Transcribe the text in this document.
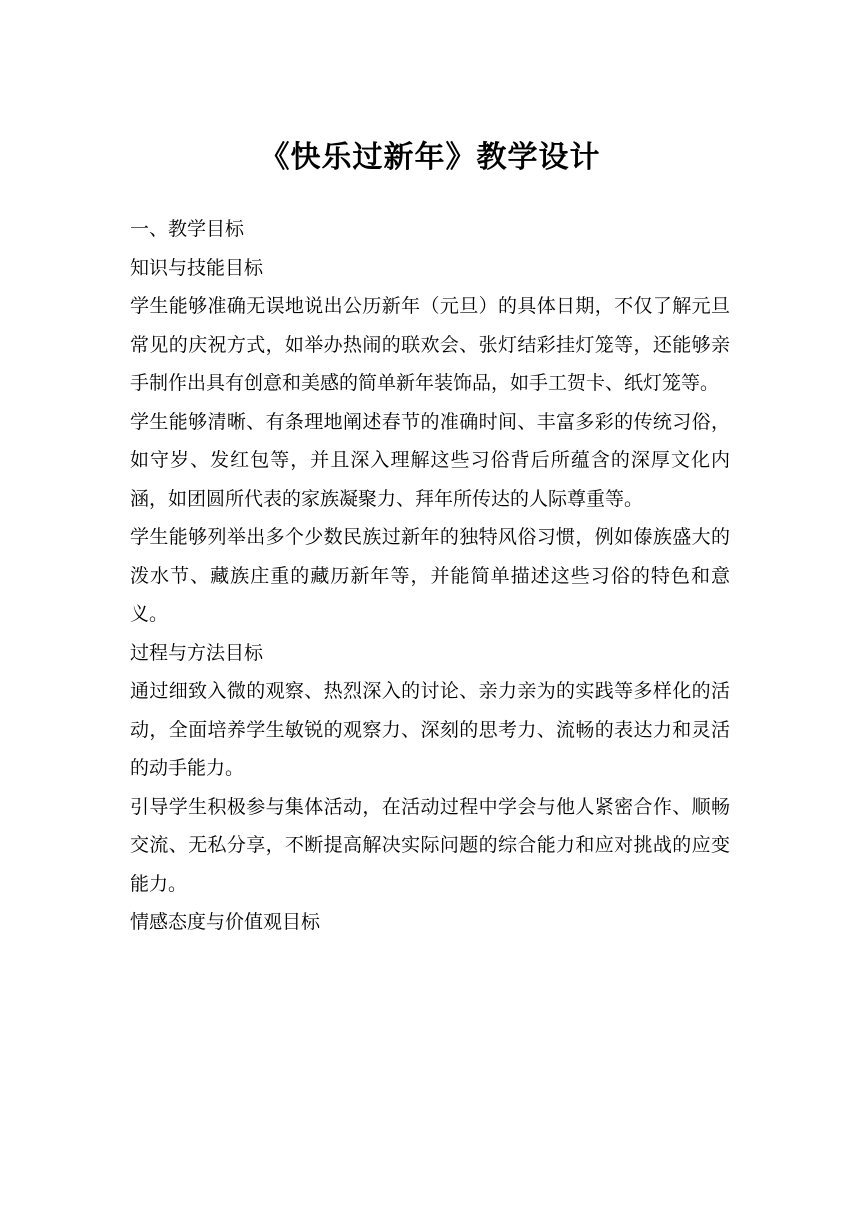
《快乐过新年》教学设计

一、教学目标

知识与技能目标

学生能够准确无误地说出公历新年（元旦）的具体日期，不仅了解元旦常见的庆祝方式，如举办热闹的联欢会、张灯结彩挂灯笼等，还能够亲手制作出具有创意和美感的简单新年装饰品，如手工贺卡、纸灯笼等。

学生能够清晰、有条理地阐述春节的准确时间、丰富多彩的传统习俗，如守岁、发红包等，并且深入理解这些习俗背后所蕴含的深厚文化内涵，如团圆所代表的家族凝聚力、拜年所传达的人际尊重等。

学生能够列举出多个少数民族过新年的独特风俗习惯，例如傣族盛大的泼水节、藏族庄重的藏历新年等，并能简单描述这些习俗的特色和意义。

过程与方法目标

通过细致入微的观察、热烈深入的讨论、亲力亲为的实践等多样化的活动，全面培养学生敏锐的观察力、深刻的思考力、流畅的表达力和灵活的动手能力。

引导学生积极参与集体活动，在活动过程中学会与他人紧密合作、顺畅交流、无私分享，不断提高解决实际问题的综合能力和应对挑战的应变能力。

情感态度与价值观目标
